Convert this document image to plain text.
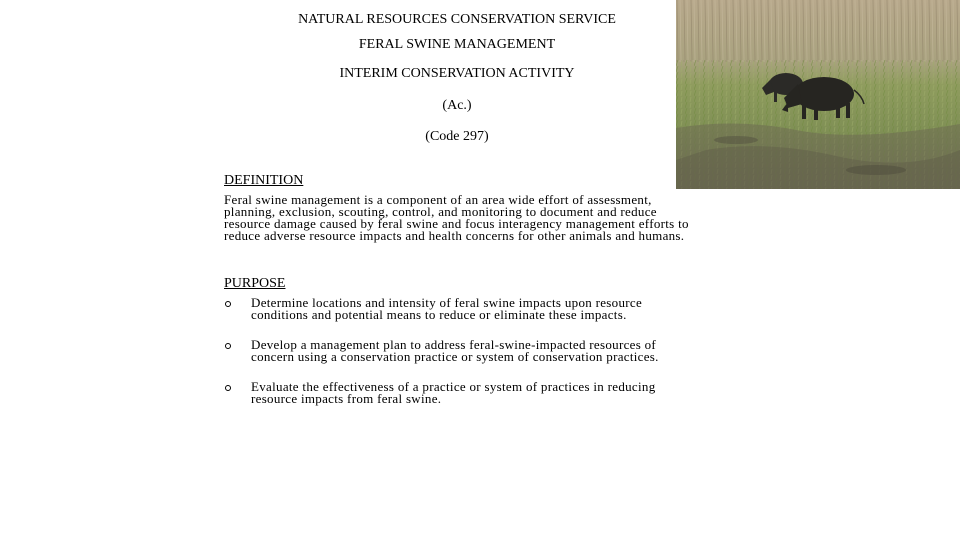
NATURAL RESOURCES CONSERVATION SERVICE
FERAL SWINE MANAGEMENT
INTERIM CONSERVATION ACTIVITY
(Ac.)
(Code 297)
DEFINITION
Feral swine management is a component of an area wide effort of assessment, planning, exclusion, scouting, control, and monitoring to document and reduce resource damage caused by feral swine and focus interagency management efforts to reduce adverse resource impacts and health concerns for other animals and humans.
PURPOSE
Determine locations and intensity of feral swine impacts upon resource conditions and potential means to reduce or eliminate these impacts.
Develop a management plan to address feral-swine-impacted resources of concern using a conservation practice or system of conservation practices.
Evaluate the effectiveness of a practice or system of practices in reducing resource impacts from feral swine.
